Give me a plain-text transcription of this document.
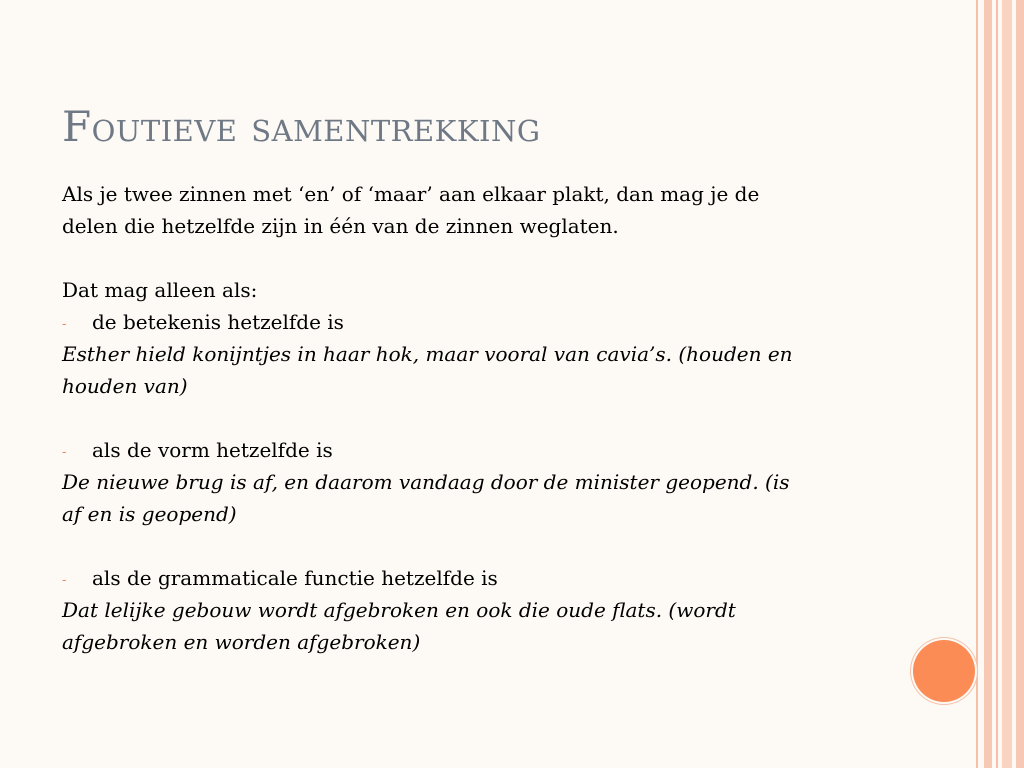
Foutieve samentrekking

Als je twee zinnen met ‘en’ of ‘maar’ aan elkaar plakt, dan mag je de

delen die hetzelfde zijn in één van de zinnen weglaten.

Dat mag alleen als:

-	de betekenis hetzelfde is

Esther hield konijntjes in haar hok, maar vooral van cavia’s. (houden en

houden van)

-	als de vorm hetzelfde is

De nieuwe brug is af, en daarom vandaag door de minister geopend. (is

af en is geopend)

-	als de grammaticale functie hetzelfde is

Dat lelijke gebouw wordt afgebroken en ook die oude flats. (wordt

afgebroken en worden afgebroken)
